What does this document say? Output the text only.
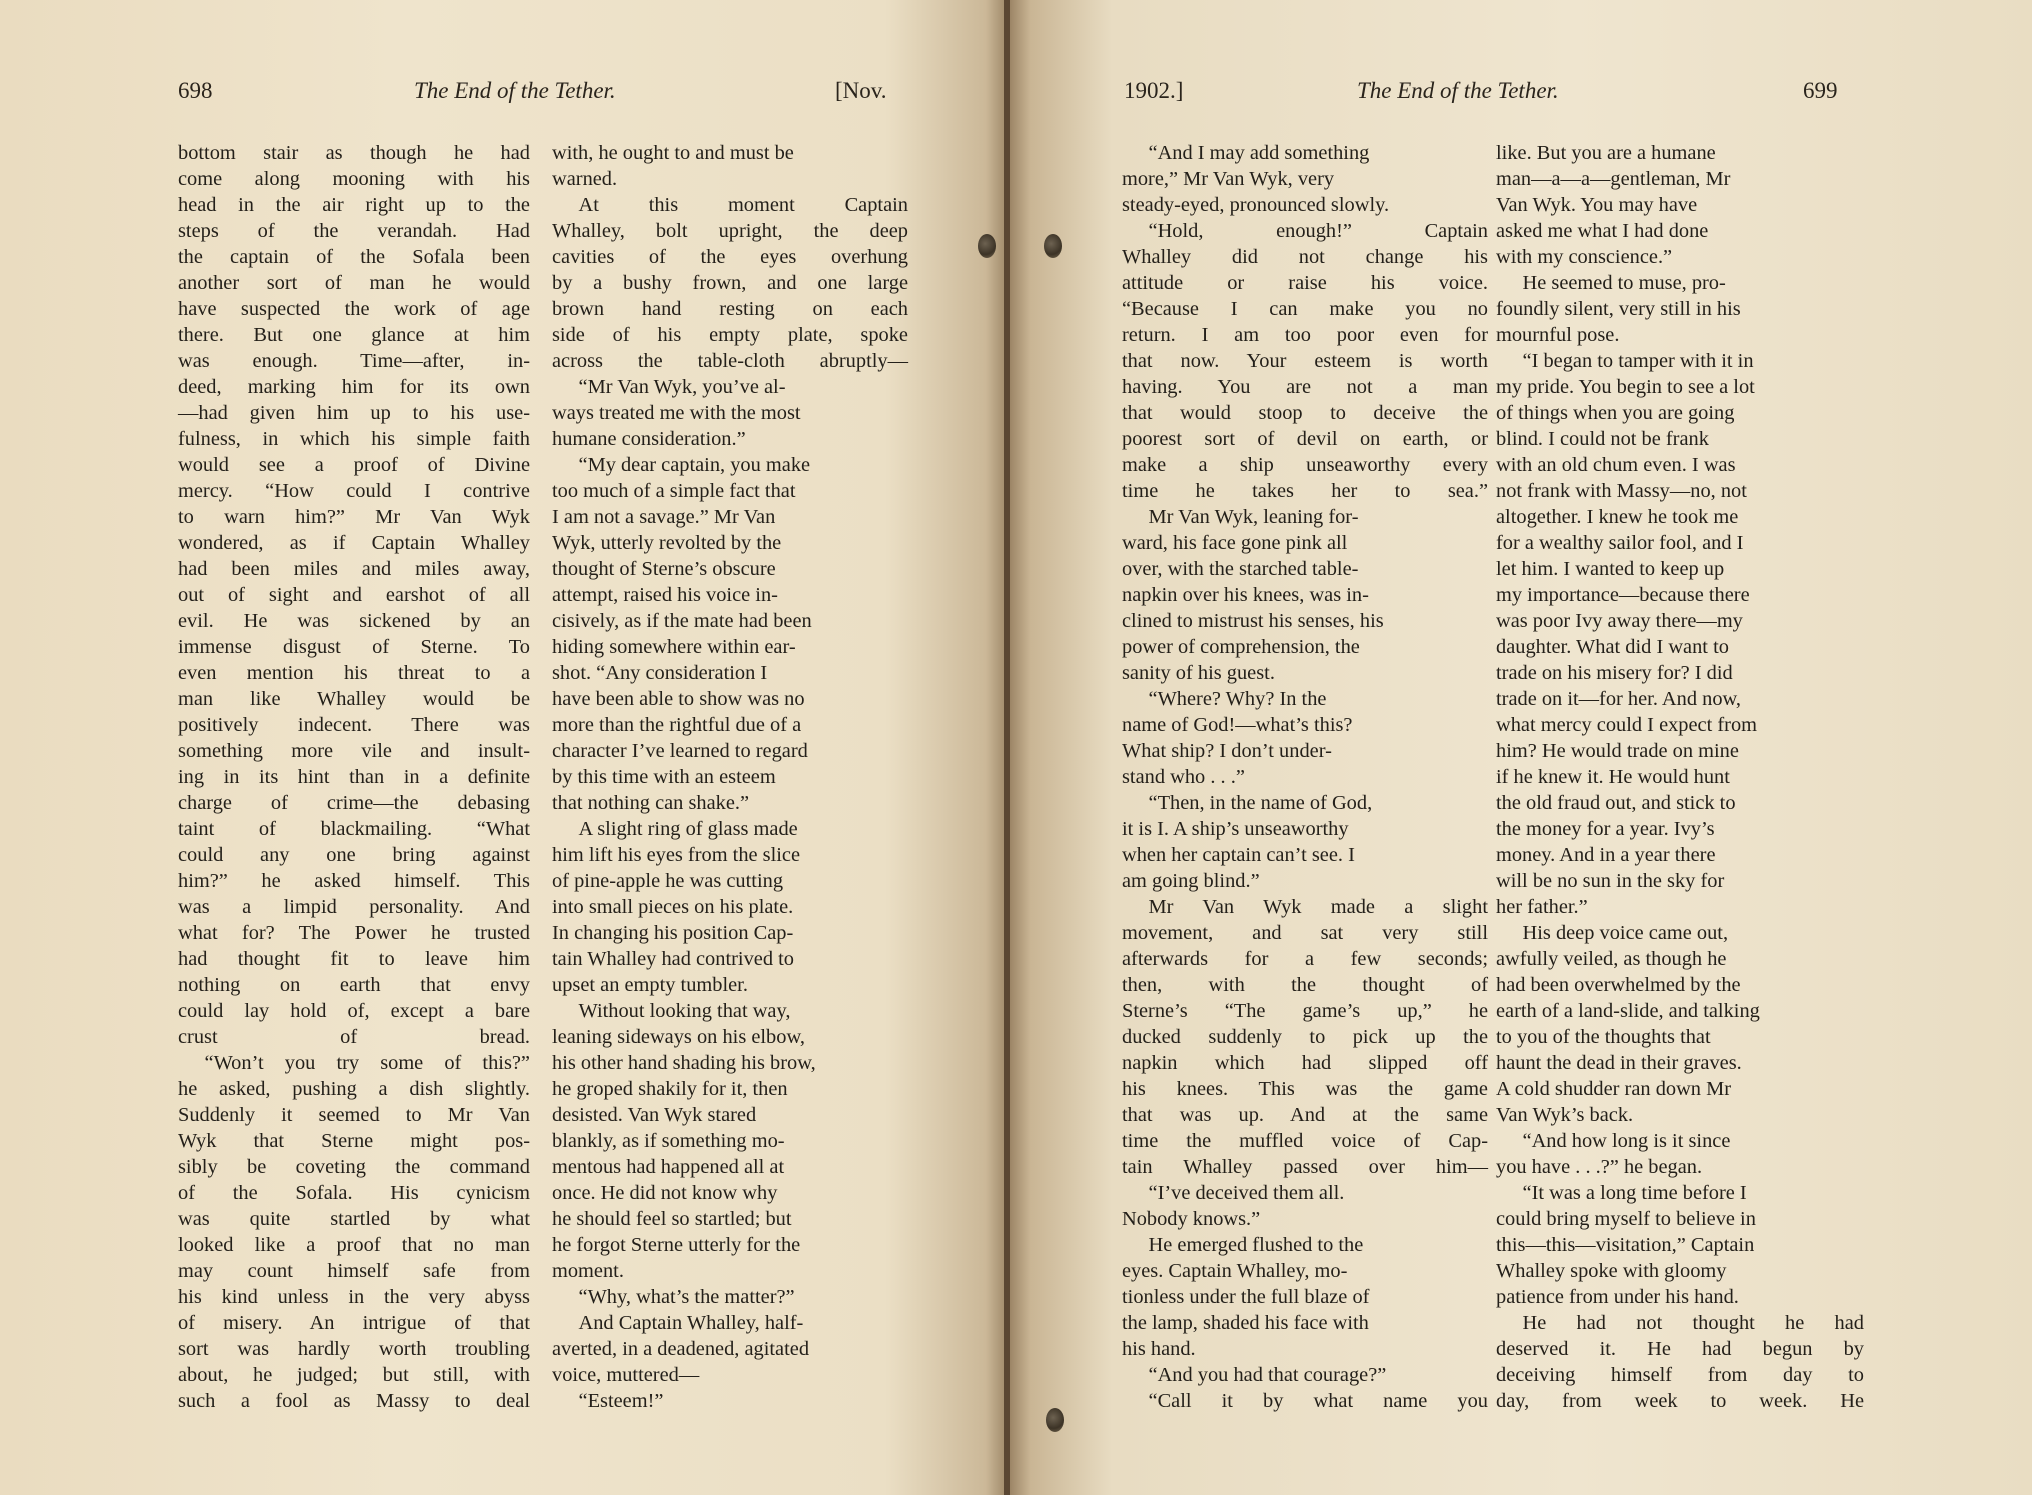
698	The End of the Tether.	[Nov.

bottom stair as though he had
come along mooning with his
head in the air right up to the
steps of the verandah. Had
the captain of the Sofala been
another sort of man he would
have suspected the work of age
there. But one glance at him
was enough. Time—after, in-
deed, marking him for its own
—had given him up to his use-
fulness, in which his simple faith
would see a proof of Divine
mercy. “How could I contrive
to warn him?” Mr Van Wyk
wondered, as if Captain Whalley
had been miles and miles away,
out of sight and earshot of all
evil. He was sickened by an
immense disgust of Sterne. To
even mention his threat to a
man like Whalley would be
positively indecent. There was
something more vile and insult-
ing in its hint than in a definite
charge of crime—the debasing
taint of blackmailing. “What
could any one bring against
him?” he asked himself. This
was a limpid personality. And
what for? The Power he trusted
had thought fit to leave him
nothing on earth that envy
could lay hold of, except a bare
crust of bread.

“Won’t you try some of this?”
he asked, pushing a dish slightly.
Suddenly it seemed to Mr Van
Wyk that Sterne might pos-
sibly be coveting the command
of the Sofala. His cynicism
was quite startled by what
looked like a proof that no man
may count himself safe from
his kind unless in the very abyss
of misery. An intrigue of that
sort was hardly worth troubling
about, he judged; but still, with
such a fool as Massy to deal

with, he ought to and must be
warned.

At this moment Captain
Whalley, bolt upright, the deep
cavities of the eyes overhung
by a bushy frown, and one large
brown hand resting on each
side of his empty plate, spoke
across the table-cloth abruptly—

“Mr Van Wyk, you’ve al-
ways treated me with the most
humane consideration.”

“My dear captain, you make
too much of a simple fact that
I am not a savage.” Mr Van
Wyk, utterly revolted by the
thought of Sterne’s obscure
attempt, raised his voice in-
cisively, as if the mate had been
hiding somewhere within ear-
shot. “Any consideration I
have been able to show was no
more than the rightful due of a
character I’ve learned to regard
by this time with an esteem
that nothing can shake.”

A slight ring of glass made
him lift his eyes from the slice
of pine-apple he was cutting
into small pieces on his plate.
In changing his position Cap-
tain Whalley had contrived to
upset an empty tumbler.

Without looking that way,
leaning sideways on his elbow,
his other hand shading his brow,
he groped shakily for it, then
desisted. Van Wyk stared
blankly, as if something mo-
mentous had happened all at
once. He did not know why
he should feel so startled; but
he forgot Sterne utterly for the
moment.

“Why, what’s the matter?”

And Captain Whalley, half-
averted, in a deadened, agitated
voice, muttered—

“Esteem!”

1902.]	The End of the Tether.	699

“And I may add something
more,” Mr Van Wyk, very
steady-eyed, pronounced slowly.

“Hold, enough!” Captain
Whalley did not change his
attitude or raise his voice.
“Because I can make you no
return. I am too poor even for
that now. Your esteem is worth
having. You are not a man
that would stoop to deceive the
poorest sort of devil on earth, or
make a ship unseaworthy every
time he takes her to sea.”

Mr Van Wyk, leaning for-
ward, his face gone pink all
over, with the starched table-
napkin over his knees, was in-
clined to mistrust his senses, his
power of comprehension, the
sanity of his guest.

“Where? Why? In the
name of God!—what’s this?
What ship? I don’t under-
stand who . . .”

“Then, in the name of God,
it is I. A ship’s unseaworthy
when her captain can’t see. I
am going blind.”

Mr Van Wyk made a slight
movement, and sat very still
afterwards for a few seconds;
then, with the thought of
Sterne’s “The game’s up,” he
ducked suddenly to pick up the
napkin which had slipped off
his knees. This was the game
that was up. And at the same
time the muffled voice of Cap-
tain Whalley passed over him—

“I’ve deceived them all.
Nobody knows.”

He emerged flushed to the
eyes. Captain Whalley, mo-
tionless under the full blaze of
the lamp, shaded his face with
his hand.

“And you had that courage?”

“Call it by what name you

like. But you are a humane
man—a—a—gentleman, Mr
Van Wyk. You may have
asked me what I had done
with my conscience.”

He seemed to muse, pro-
foundly silent, very still in his
mournful pose.

“I began to tamper with it in
my pride. You begin to see a lot
of things when you are going
blind. I could not be frank
with an old chum even. I was
not frank with Massy—no, not
altogether. I knew he took me
for a wealthy sailor fool, and I
let him. I wanted to keep up
my importance—because there
was poor Ivy away there—my
daughter. What did I want to
trade on his misery for? I did
trade on it—for her. And now,
what mercy could I expect from
him? He would trade on mine
if he knew it. He would hunt
the old fraud out, and stick to
the money for a year. Ivy’s
money. And in a year there
will be no sun in the sky for
her father.”

His deep voice came out,
awfully veiled, as though he
had been overwhelmed by the
earth of a land-slide, and talking
to you of the thoughts that
haunt the dead in their graves.
A cold shudder ran down Mr
Van Wyk’s back.

“And how long is it since
you have . . .?” he began.

“It was a long time before I
could bring myself to believe in
this—this—visitation,” Captain
Whalley spoke with gloomy
patience from under his hand.

He had not thought he had
deserved it. He had begun by
deceiving himself from day to
day, from week to week. He
